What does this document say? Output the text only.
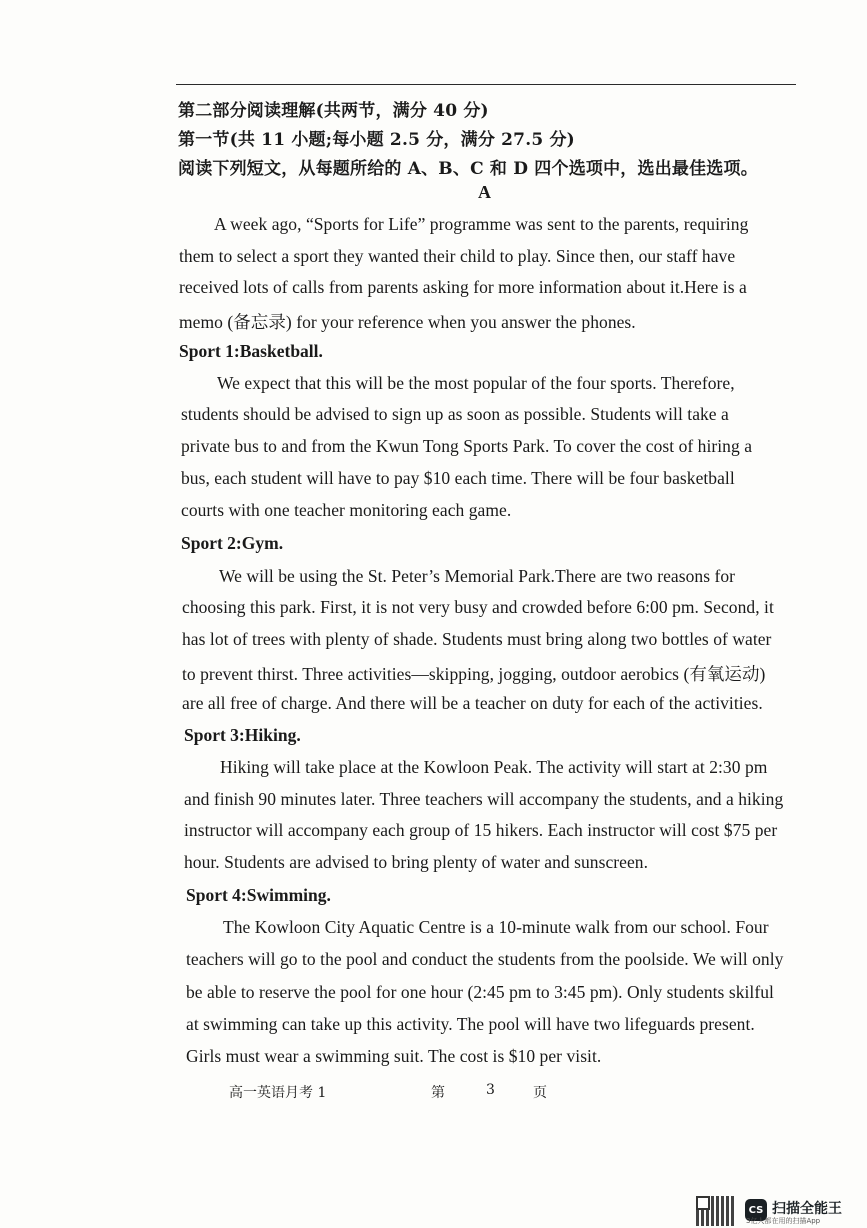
第二部分阅读理解(共两节，满分 40 分)
第一节(共 11 小题;每小题 2.5 分，满分 27.5 分)
阅读下列短文，从每题所给的 A、B、C 和 D 四个选项中，选出最佳选项。
A
A week ago, “Sports for Life” programme was sent to the parents, requiring
them to select a sport they wanted their child to play. Since then, our staff have
received lots of calls from parents asking for more information about it.Here is a
memo (备忘录) for your reference when you answer the phones.
Sport 1:Basketball.
We expect that this will be the most popular of the four sports. Therefore,
students should be advised to sign up as soon as possible. Students will take a
private bus to and from the Kwun Tong Sports Park. To cover the cost of hiring a
bus, each student will have to pay $10 each time. There will be four basketball
courts with one teacher monitoring each game.
Sport 2:Gym.
We will be using the St. Peter’s Memorial Park.There are two reasons for
choosing this park. First, it is not very busy and crowded before 6:00 pm. Second, it
has lot of trees with plenty of shade. Students must bring along two bottles of water
to prevent thirst. Three activities—skipping, jogging, outdoor aerobics (有氧运动)
are all free of charge. And there will be a teacher on duty for each of the activities.
Sport 3:Hiking.
Hiking will take place at the Kowloon Peak. The activity will start at 2:30 pm
and finish 90 minutes later. Three teachers will accompany the students, and a hiking
instructor will accompany each group of 15 hikers. Each instructor will cost $75 per
hour. Students are advised to bring plenty of water and sunscreen.
Sport 4:Swimming.
The Kowloon City Aquatic Centre is a 10-minute walk from our school. Four
teachers will go to the pool and conduct the students from the poolside. We will only
be able to reserve the pool for one hour (2:45 pm to 3:45 pm). Only students skilful
at swimming can take up this activity. The pool will have two lifeguards present.
Girls must wear a swimming suit. The cost is $10 per visit.
高一英语月考 1	第	3	页
CS 扫描全能王
3亿人都在用的扫描App
